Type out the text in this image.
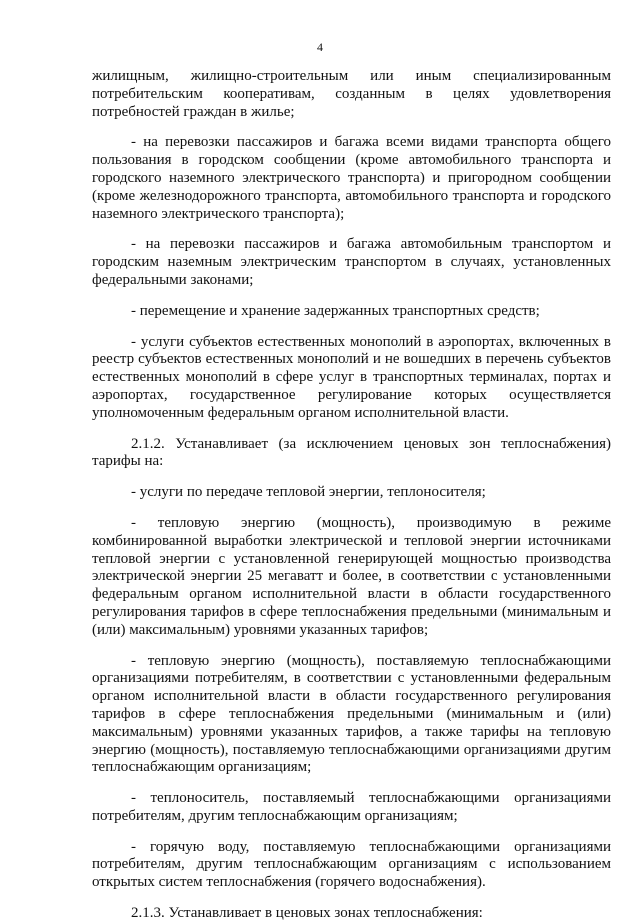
4

жилищным, жилищно-строительным или иным специализированным потребительским кооперативам, созданным в целях удовлетворения потребностей граждан в жилье;

- на перевозки пассажиров и багажа всеми видами транспорта общего пользования в городском сообщении (кроме автомобильного транспорта и городского наземного электрического транспорта) и пригородном сообщении (кроме железнодорожного транспорта, автомобильного транспорта и городского наземного электрического транспорта);

- на перевозки пассажиров и багажа автомобильным транспортом и городским наземным электрическим транспортом в случаях, установленных федеральными законами;

- перемещение и хранение задержанных транспортных средств;

- услуги субъектов естественных монополий в аэропортах, включенных в реестр субъектов естественных монополий и не вошедших в перечень субъектов естественных монополий в сфере услуг в транспортных терминалах, портах и аэропортах, государственное регулирование которых осуществляется уполномоченным федеральным органом исполнительной власти.

2.1.2. Устанавливает (за исключением ценовых зон теплоснабжения) тарифы на:

- услуги по передаче тепловой энергии, теплоносителя;

- тепловую энергию (мощность), производимую в режиме комбинированной выработки электрической и тепловой энергии источниками тепловой энергии с установленной генерирующей мощностью производства электрической энергии 25 мегаватт и более, в соответствии с установленными федеральным органом исполнительной власти в области государственного регулирования тарифов в сфере теплоснабжения предельными (минимальным и (или) максимальным) уровнями указанных тарифов;

- тепловую энергию (мощность), поставляемую теплоснабжающими организациями потребителям, в соответствии с установленными федеральным органом исполнительной власти в области государственного регулирования тарифов в сфере теплоснабжения предельными (минимальным и (или) максимальным) уровнями указанных тарифов, а также тарифы на тепловую энергию (мощность), поставляемую теплоснабжающими организациями другим теплоснабжающим организациям;

- теплоноситель, поставляемый теплоснабжающими организациями потребителям, другим теплоснабжающим организациям;

- горячую воду, поставляемую теплоснабжающими организациями потребителям, другим теплоснабжающим организациям с использованием открытых систем теплоснабжения (горячего водоснабжения).

2.1.3. Устанавливает в ценовых зонах теплоснабжения:
